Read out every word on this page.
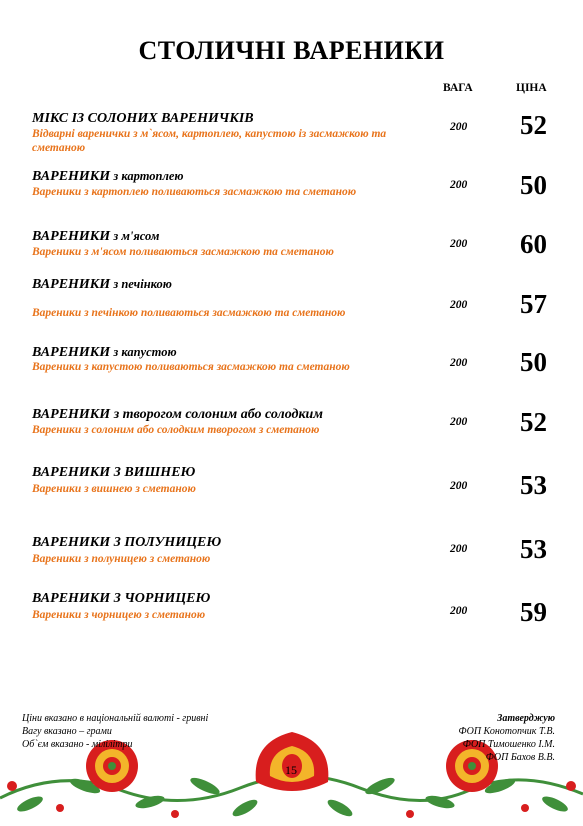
СТОЛИЧНІ ВАРЕНИКИ
ВАГА	ЦІНА
МІКС ІЗ СОЛОНИХ ВАРЕНИЧКІВ
Відварні варенички з м`ясом, картоплею, капустою із засмажкою та сметаною
200 52
ВАРЕНИКИ з картоплею
Вареники з картоплею поливаються засмажкою та сметаною
200 50
ВАРЕНИКИ з м'ясом
Вареники з м'ясом поливаються засмажкою та сметаною
200 60
ВАРЕНИКИ з печінкою
Вареники з печінкою поливаються засмажкою та сметаною
200 57
ВАРЕНИКИ з капустою
Вареники з капустою поливаються засмажкою та сметаною	200 50
ВАРЕНИКИ з творогом солоним або солодким
Вареники з солоним або солодким творогом з сметаною
200 52
ВАРЕНИКИ З ВИШНЕЮ
Вареники з вишнею з сметаною	200 53
ВАРЕНИКИ З ПОЛУНИЦЕЮ
Вареники з полуницею з сметаною
200 53
ВАРЕНИКИ З ЧОРНИЦЕЮ
Вареники з чорницею з сметаною	200 59
Ціни вказано в національній валюті - гривні
Вагу вказано – грами
Об`єм вказано - мілілітри
Затверджую
ФОП Конотопчик Т.В.
ФОП Тимошенко І.М.
ФОП Бахов В.В.
15
